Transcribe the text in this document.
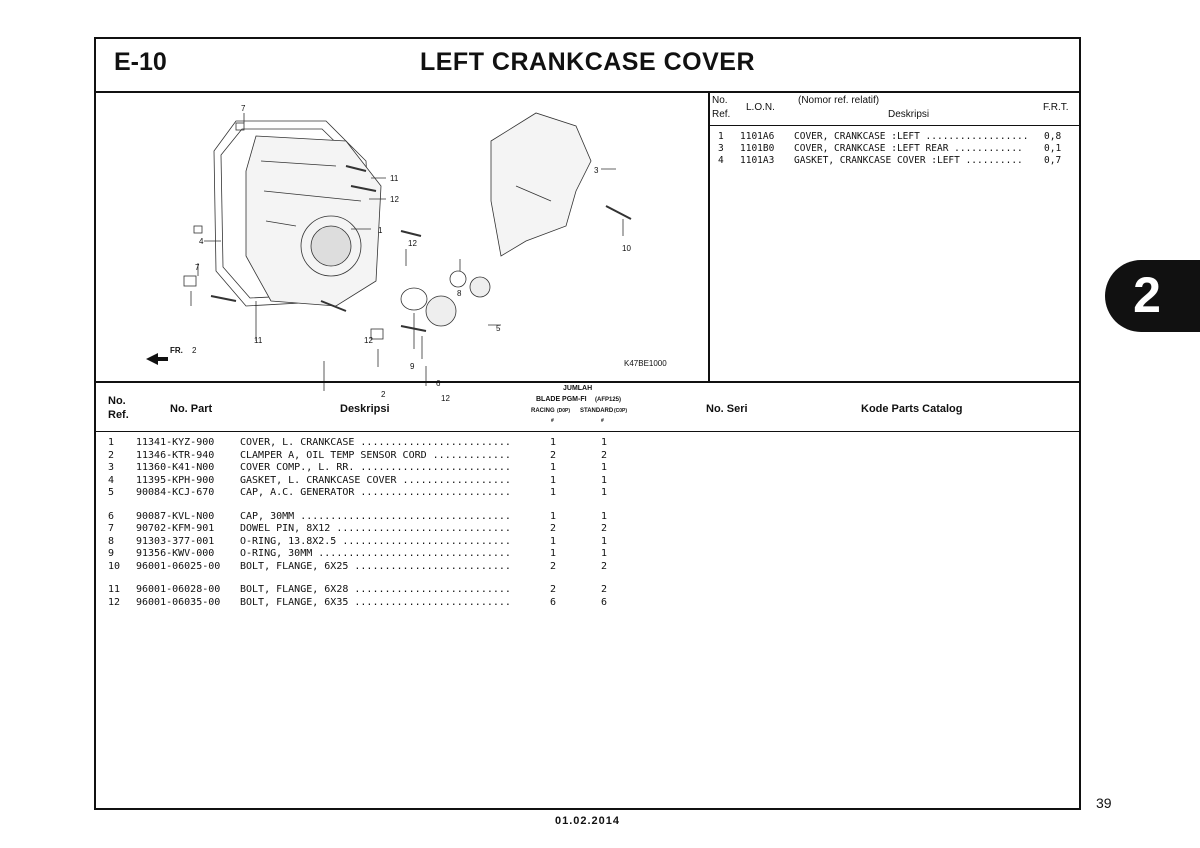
E-10	LEFT CRANKCASE COVER
7
11
12
1
4
7
12
8
5
2
11	12
9
6
12
2
3
10
FR.
K47BE1000
No.
Ref.
L.O.N.
(Nomor ref. relatif)
Deskripsi
F.R.T.
1 1101A6 COVER, CRANKCASE :LEFT .................. 0,8
3 1101B0 COVER, CRANKCASE :LEFT REAR ............ 0,1
4 1101A3 GASKET, CRANKCASE COVER :LEFT .......... 0,7
No.
Ref.	No. Part	Deskripsi
JUMLAH
BLADE PGM-FI (AFP125)
RACING (D0P) STANDARD (C0P)
#	#
No. Seri	Kode Parts Catalog
1 11341-KYZ-900	COVER, L. CRANKCASE .........................	1	1
2 11346-KTR-940	CLAMPER A, OIL TEMP SENSOR CORD .............	2	2
3 11360-K41-N00	COVER COMP., L. RR. .........................	1	1
4 11395-KPH-900	GASKET, L. CRANKCASE COVER ..................	1	1
5 90084-KCJ-670	CAP, A.C. GENERATOR .........................	1	1
6 90087-KVL-N00	CAP, 30MM ...................................	1	1
7 90702-KFM-901	DOWEL PIN, 8X12 .............................	2	2
8 91303-377-001	O-RING, 13.8X2.5 ............................	1	1
9 91356-KWV-000	O-RING, 30MM ................................	1	1
10 96001-06025-00 BOLT, FLANGE, 6X25 ..........................	2	2
11 96001-06028-00 BOLT, FLANGE, 6X28 ..........................	2	2
12 96001-06035-00 BOLT, FLANGE, 6X35 ..........................	6	6
2
39
01.02.2014
